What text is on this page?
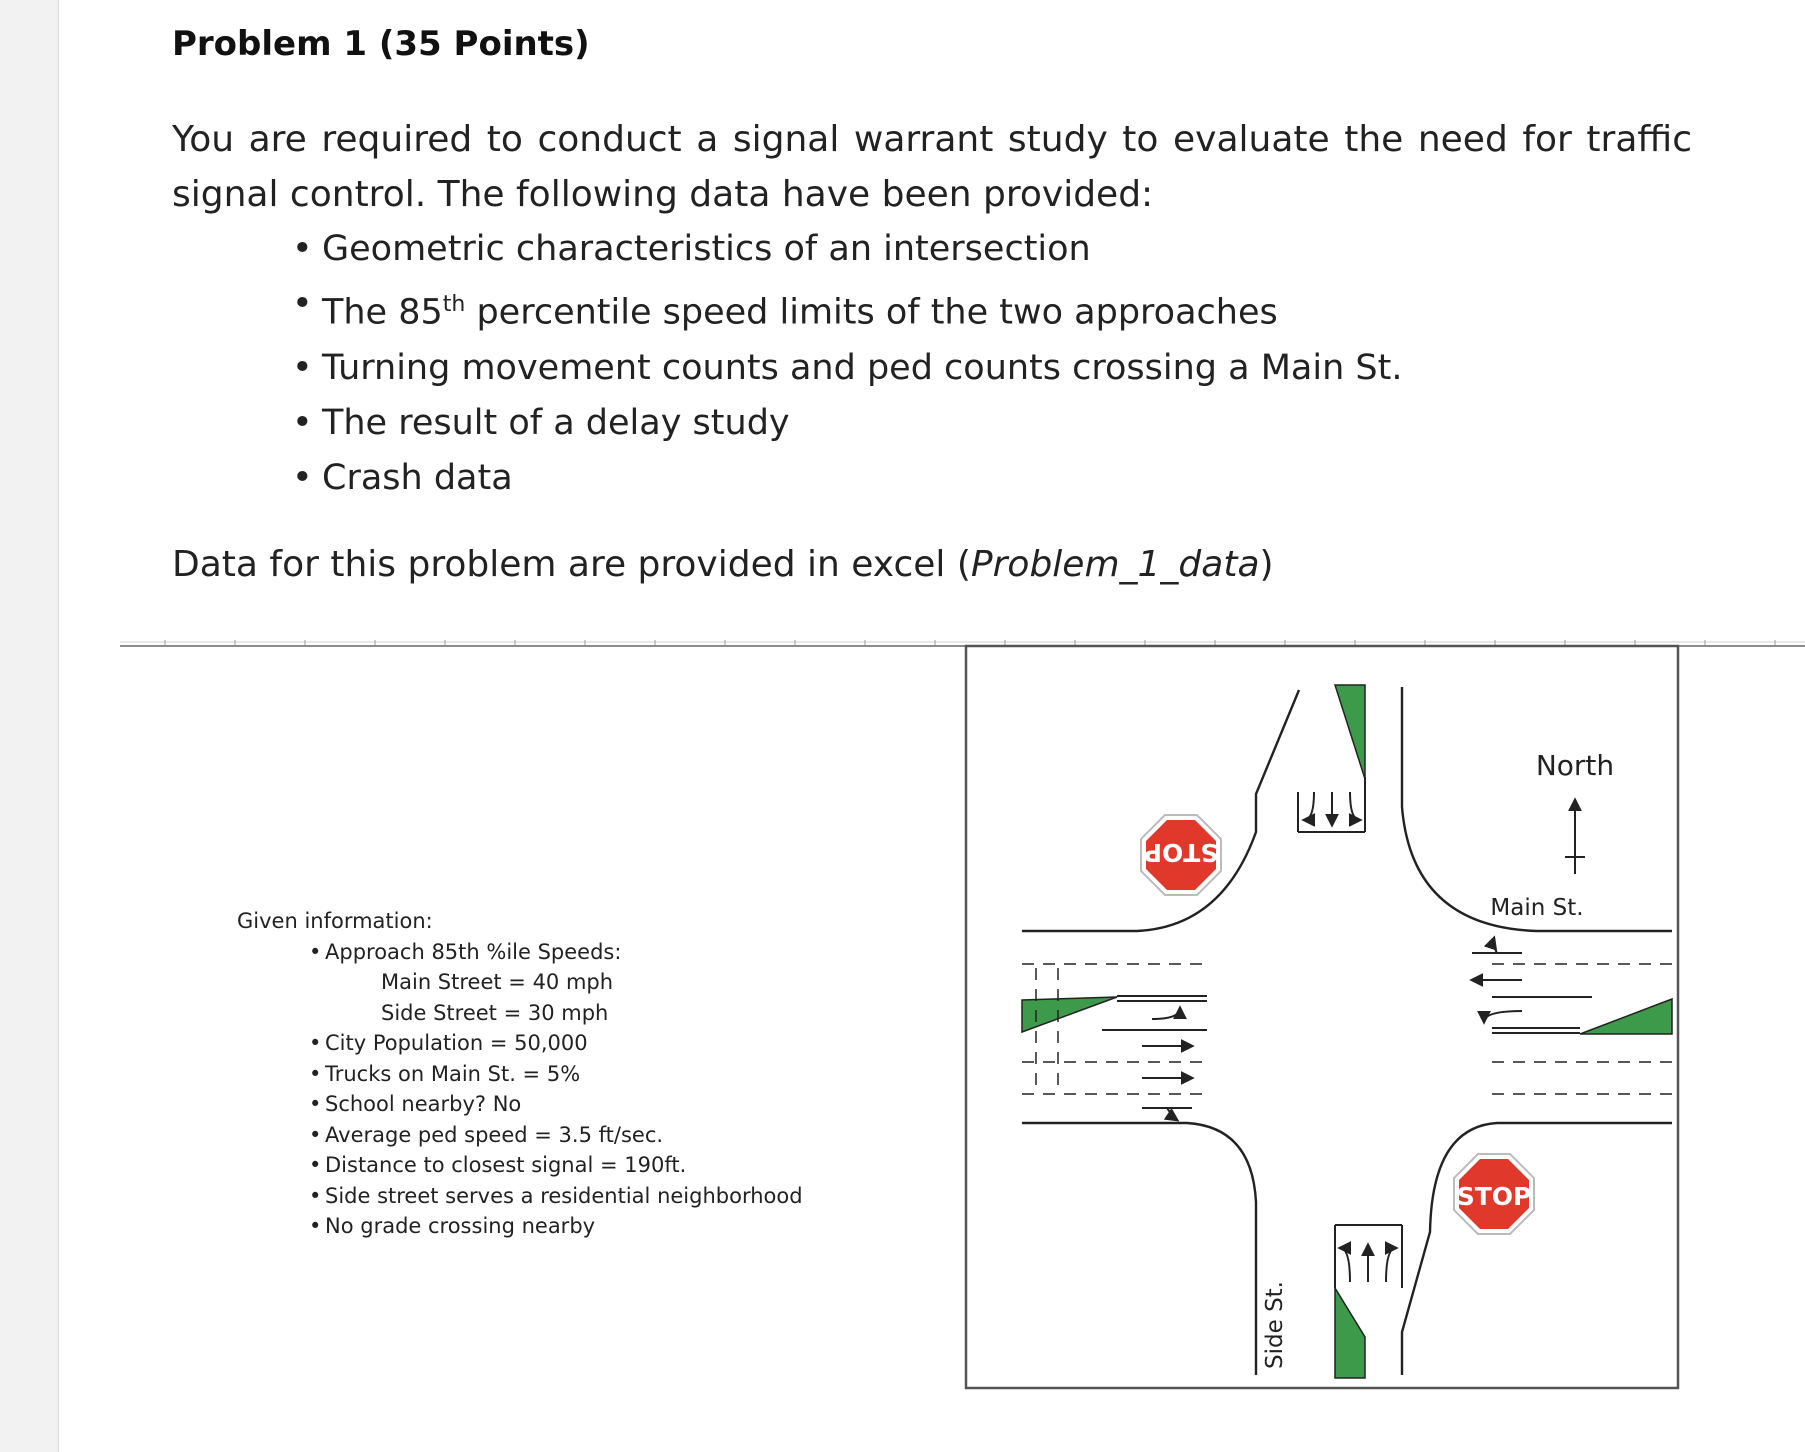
Problem 1 (35 Points)

You are required to conduct a signal warrant study to evaluate the need for traffic signal control. The following data have been provided:

• Geometric characteristics of an intersection
• The 85th percentile speed limits of the two approaches
• Turning movement counts and ped counts crossing a Main St.
• The result of a delay study
• Crash data
Data for this problem are provided in excel (Problem_1_data)
Given information:
• Approach 85th %ile Speeds:
Main Street = 40 mph
Side Street = 30 mph
• City Population = 50,000
• Trucks on Main St. = 5%
• School nearby? No
• Average ped speed = 3.5 ft/sec.
• Distance to closest signal = 190ft.
• Side street serves a residential neighborhood
• No grade crossing nearby
STOP
STOP
North
Main St.
Side St.
